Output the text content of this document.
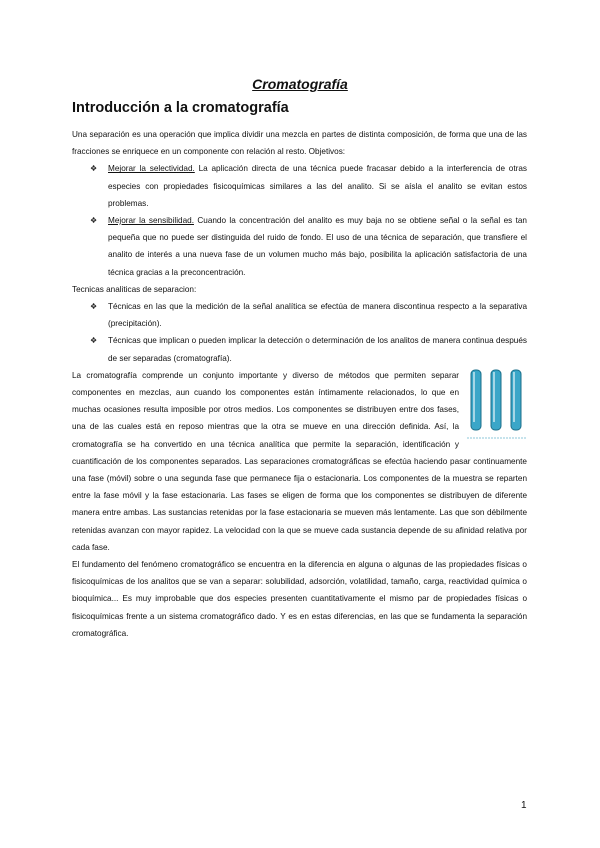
Cromatografía
Introducción a la cromatografía

Una separación es una operación que implica dividir una mezcla en partes de distinta composición, de forma que una de las fracciones se enriquece en un componente con relación al resto. Objetivos:

❖ Mejorar la selectividad. La aplicación directa de una técnica puede fracasar debido a la interferencia de otras especies con propiedades fisicoquímicas similares a las del analito. Si se aísla el analito se evitan estos problemas.
❖ Mejorar la sensibilidad. Cuando la concentración del analito es muy baja no se obtiene señal o la señal es tan pequeña que no puede ser distinguida del ruido de fondo. El uso de una técnica de separación, que transfiere el analito de interés a una nueva fase de un volumen mucho más bajo, posibilita la aplicación satisfactoria de una técnica gracias a la preconcentración.

Tecnicas analiticas de separacion:

❖ Técnicas en las que la medición de la señal analítica se efectúa de manera discontinua respecto a la separativa (precipitación).
❖ Técnicas que implican o pueden implicar la detección o determinación de los analitos de manera continua después de ser separadas (cromatografía).

La cromatografía comprende un conjunto importante y diverso de métodos que permiten separar componentes en mezclas, aun cuando los componentes están íntimamente relacionados, lo que en muchas ocasiones resulta imposible por otros medios. Los componentes se distribuyen entre dos fases, una de las cuales está en reposo mientras que la otra se mueve en una dirección definida. Así, la cromatografía se ha convertido en una técnica analítica que permite la separación, identificación y cuantificación de los componentes separados. Las separaciones cromatográficas se efectúa haciendo pasar continuamente una fase (móvil) sobre o una segunda fase que permanece fija o estacionaria. Los componentes de la muestra se reparten entre la fase móvil y la fase estacionaria. Las fases se eligen de forma que los componentes se distribuyen de diferente manera entre ambas. Las sustancias retenidas por la fase estacionaria se mueven más lentamente. Las que son débilmente retenidas avanzan con mayor rapidez. La velocidad con la que se mueve cada sustancia depende de su afinidad relativa por cada fase.

El fundamento del fenómeno cromatográfico se encuentra en la diferencia en alguna o algunas de las propiedades físicas o fisicoquímicas de los analitos que se van a separar: solubilidad, adsorción, volatilidad, tamaño, carga, reactividad química o bioquímica... Es muy improbable que dos especies presenten cuantitativamente el mismo par de propiedades físicas o fisicoquímicas frente a un sistema cromatográfico dado. Y es en estas diferencias, en las que se fundamenta la separación cromatográfica.

1
